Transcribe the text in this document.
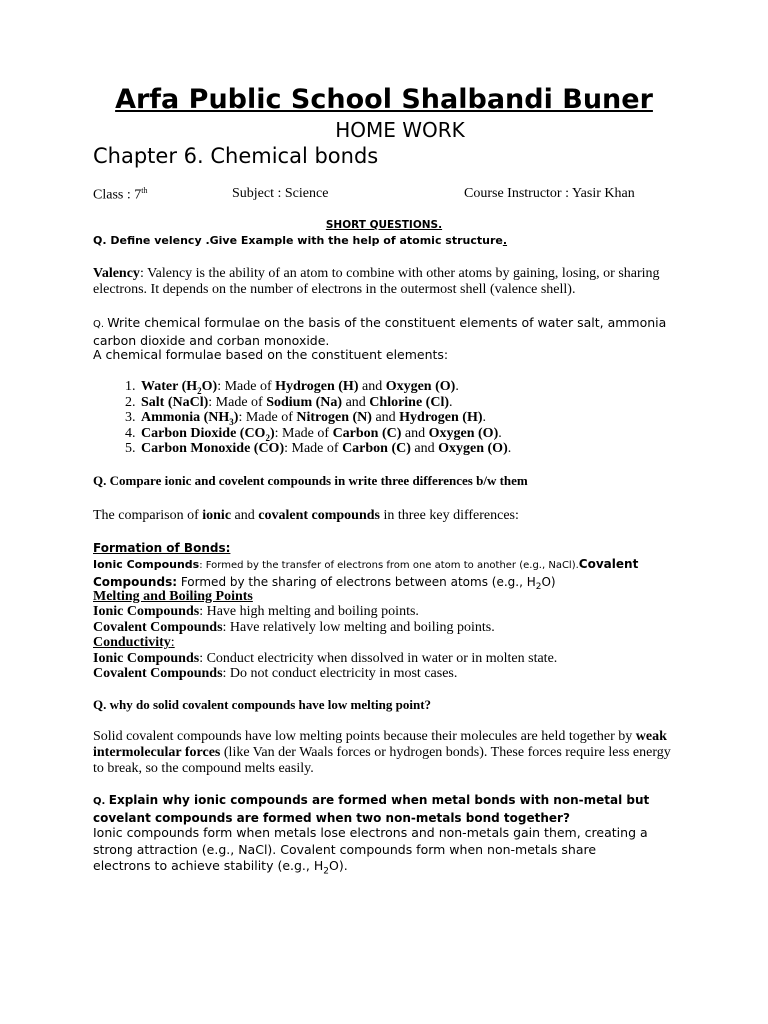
Arfa Public School Shalbandi Buner
HOME WORK
Chapter 6. Chemical bonds
Class : 7th	Subject : Science	Course Instructor : Yasir Khan
SHORT QUESTIONS.
Q. Define velency .Give Example with the help of atomic structure.
Valency: Valency is the ability of an atom to combine with other atoms by gaining, losing, or sharing electrons. It depends on the number of electrons in the outermost shell (valence shell).
Q. Write chemical formulae on the basis of the constituent elements of water salt, ammonia carbon dioxide and corban monoxide.
A chemical formulae based on the constituent elements:
1. Water $(H_2O)$: Made of Hydrogen (H) and Oxygen (O).
2. Salt (NaCl): Made of Sodium (Na) and Chlorine (Cl).
3. Ammonia $(NH_3)$: Made of Nitrogen (N) and Hydrogen (H).
4. Carbon Dioxide $(CO_2)$: Made of Carbon (C) and Oxygen (O).
5. Carbon Monoxide (CO): Made of Carbon (C) and Oxygen (O).
Q. Compare ionic and covelent compounds in write three differences b/w them
The comparison of ionic and covalent compounds in three key differences:
Formation of Bonds:
Ionic Compounds: Formed by the transfer of electrons from one atom to another (e.g., NaCl).Covalent Compounds: Formed by the sharing of electrons between atoms (e.g., $H_2O$)
Melting and Boiling Points
Ionic Compounds: Have high melting and boiling points.
Covalent Compounds: Have relatively low melting and boiling points.
Conductivity:
Ionic Compounds: Conduct electricity when dissolved in water or in molten state.
Covalent Compounds: Do not conduct electricity in most cases.
Q. why do solid covalent compounds have low melting point?
Solid covalent compounds have low melting points because their molecules are held together by weak intermolecular forces (like Van der Waals forces or hydrogen bonds). These forces require less energy to break, so the compound melts easily.
Q. Explain why ionic compounds are formed when metal bonds with non-metal but covelant compounds are formed when two non-metals bond together?
Ionic compounds form when metals lose electrons and non-metals gain them, creating a strong attraction (e.g., NaCl). Covalent compounds form when non-metals share electrons to achieve stability (e.g., $H_2O$).
